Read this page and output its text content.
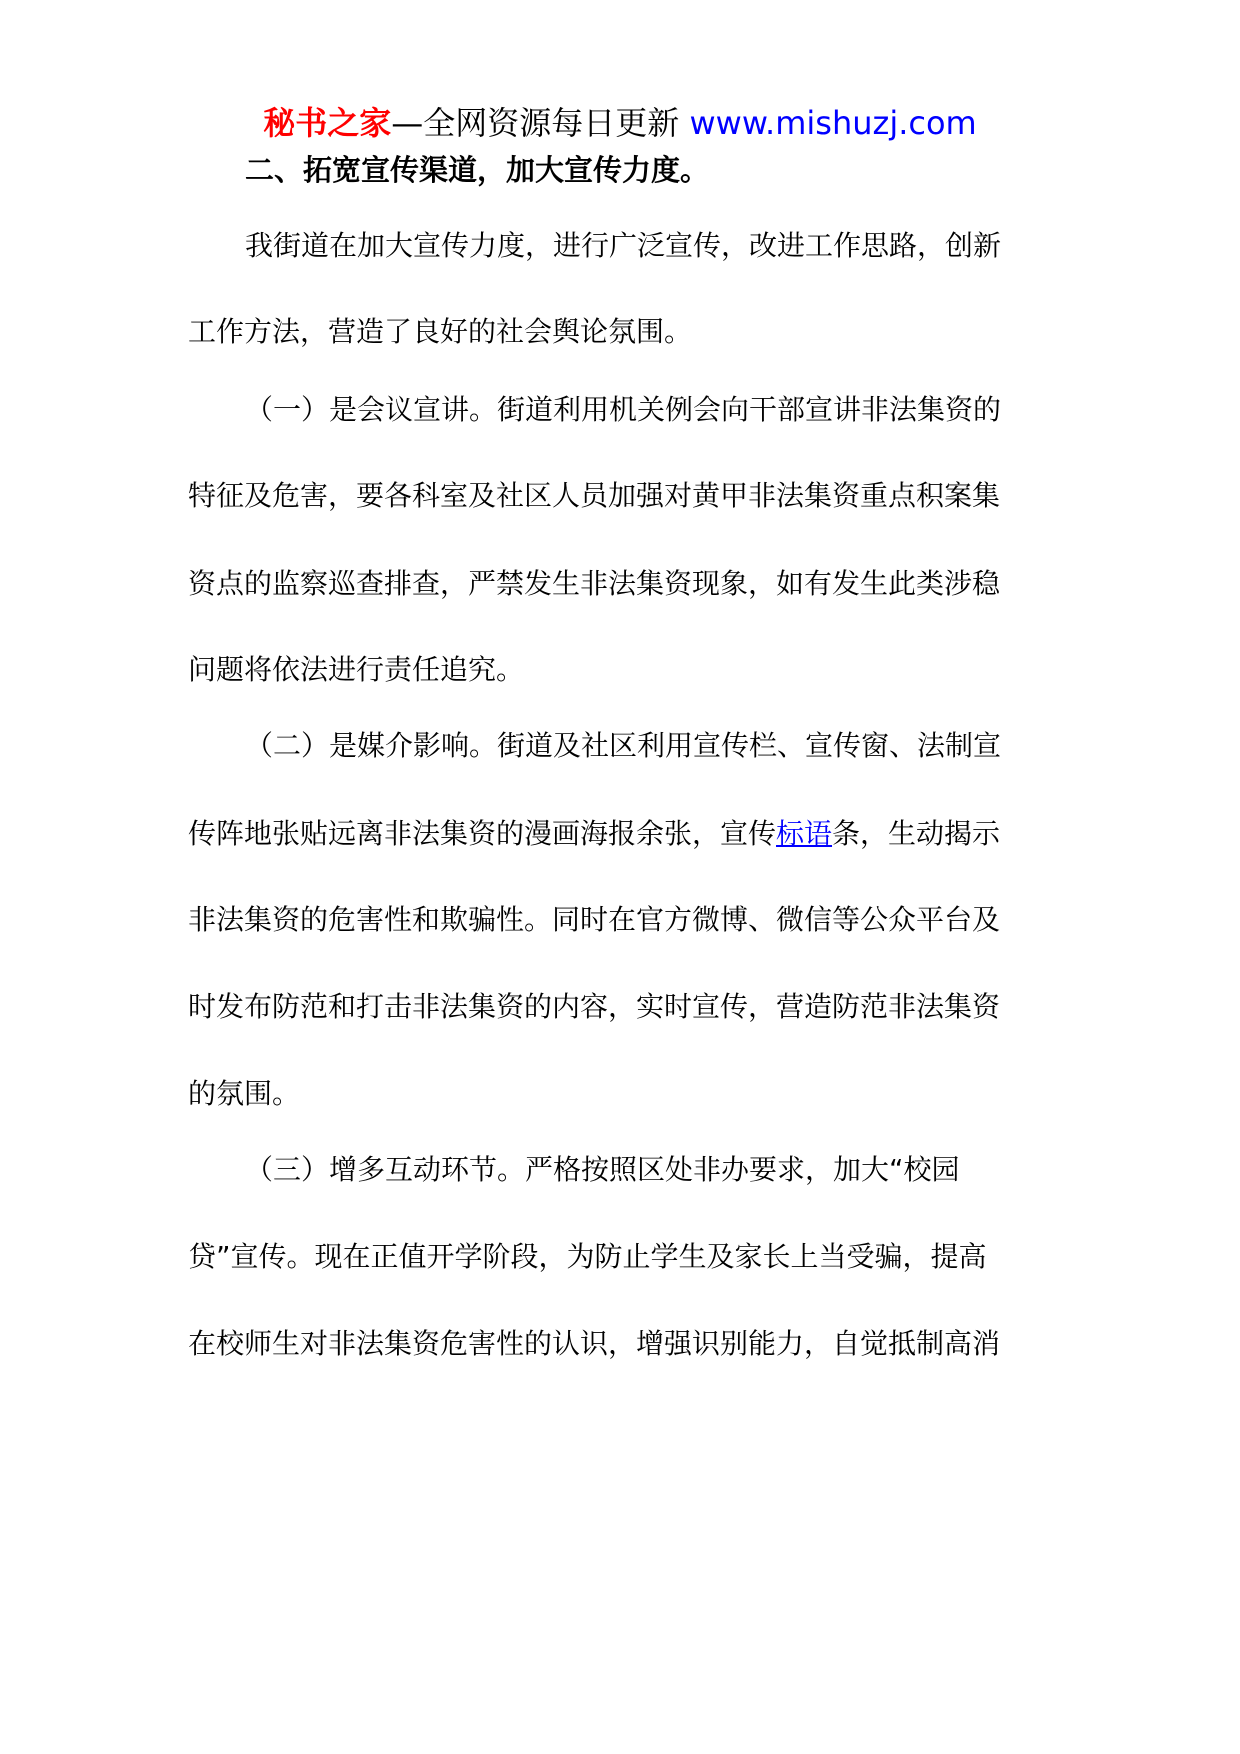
秘书之家—全网资源每日更新 www.mishuzj.com
二、拓宽宣传渠道，加大宣传力度。
我街道在加大宣传力度，进行广泛宣传，改进工作思路，创新
工作方法，营造了良好的社会舆论氛围。
（一）是会议宣讲。街道利用机关例会向干部宣讲非法集资的
特征及危害，要各科室及社区人员加强对黄甲非法集资重点积案集
资点的监察巡查排查，严禁发生非法集资现象，如有发生此类涉稳
问题将依法进行责任追究。
（二）是媒介影响。街道及社区利用宣传栏、宣传窗、法制宣
传阵地张贴远离非法集资的漫画海报余张，宣传标语条，生动揭示
非法集资的危害性和欺骗性。同时在官方微博、微信等公众平台及
时发布防范和打击非法集资的内容，实时宣传，营造防范非法集资
的氛围。
（三）增多互动环节。严格按照区处非办要求，加大“校园
贷”宣传。现在正值开学阶段，为防止学生及家长上当受骗，提高
在校师生对非法集资危害性的认识，增强识别能力，自觉抵制高消
